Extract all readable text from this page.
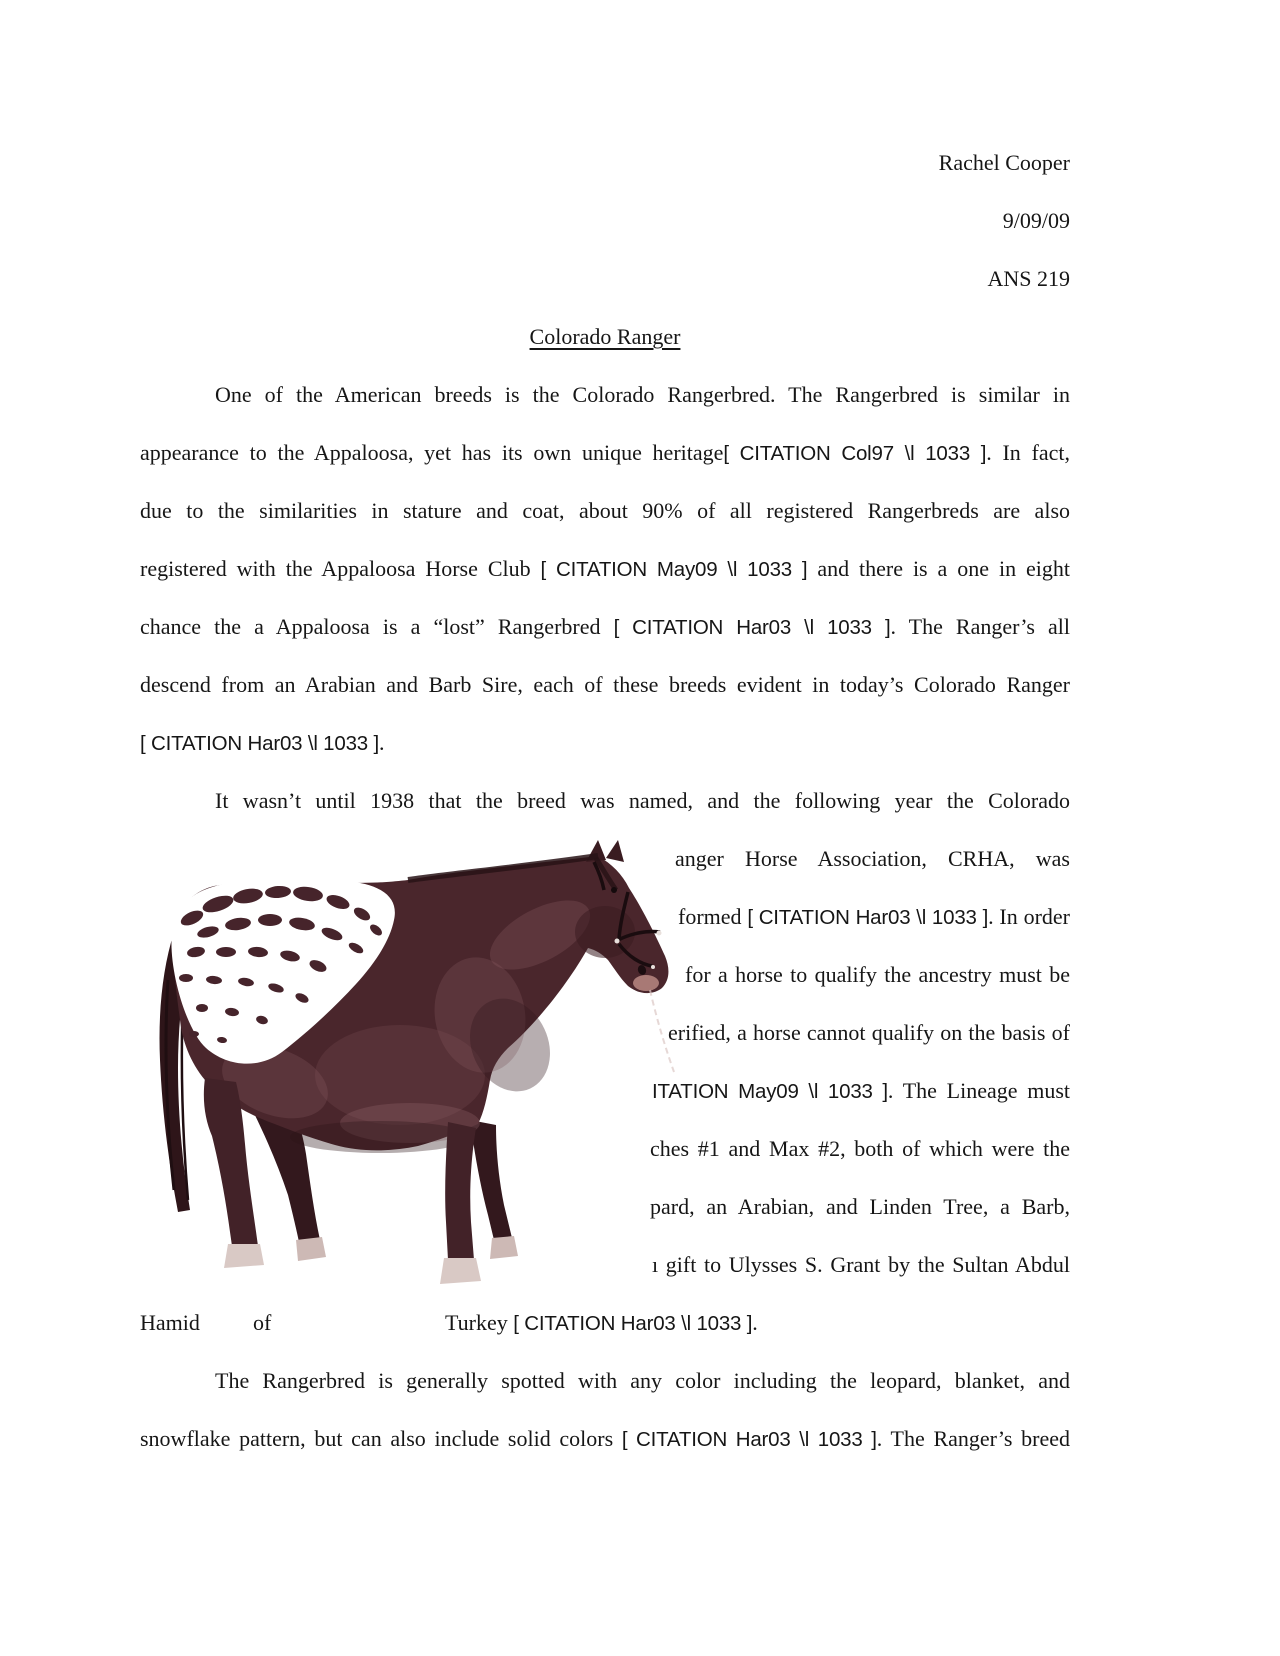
Rachel Cooper
9/09/09
ANS 219
Colorado Ranger
One of the American breeds is the Colorado Rangerbred. The Rangerbred is similar in
appearance to the Appaloosa, yet has its own unique heritage[ CITATION Col97 \l 1033 ]. In fact,
due to the similarities in stature and coat, about 90% of all registered Rangerbreds are also
registered with the Appaloosa Horse Club [ CITATION May09 \l 1033 ] and there is a one in eight
chance the a Appaloosa is a “lost” Rangerbred [ CITATION Har03 \l 1033 ]. The Ranger’s all
descend from an Arabian and Barb Sire, each of these breeds evident in today’s Colorado Ranger
[ CITATION Har03 \l 1033 ].
It wasn’t until 1938 that the breed was named, and the following year the Colorado
anger Horse Association, CRHA, was
formed [ CITATION Har03 \l 1033 ]. In order
for a horse to qualify the ancestry must be
erified, a horse cannot qualify on the basis of
ITATION May09 \l 1033 ]. The Lineage must
ches #1 and Max #2, both of which were the
pard, an Arabian, and Linden Tree, a Barb,
ı gift to Ulysses S. Grant by the Sultan Abdul
Hamid of	Turkey [ CITATION Har03 \l 1033 ].
The Rangerbred is generally spotted with any color including the leopard, blanket, and
snowflake pattern, but can also include solid colors [ CITATION Har03 \l 1033 ]. The Ranger’s breed
